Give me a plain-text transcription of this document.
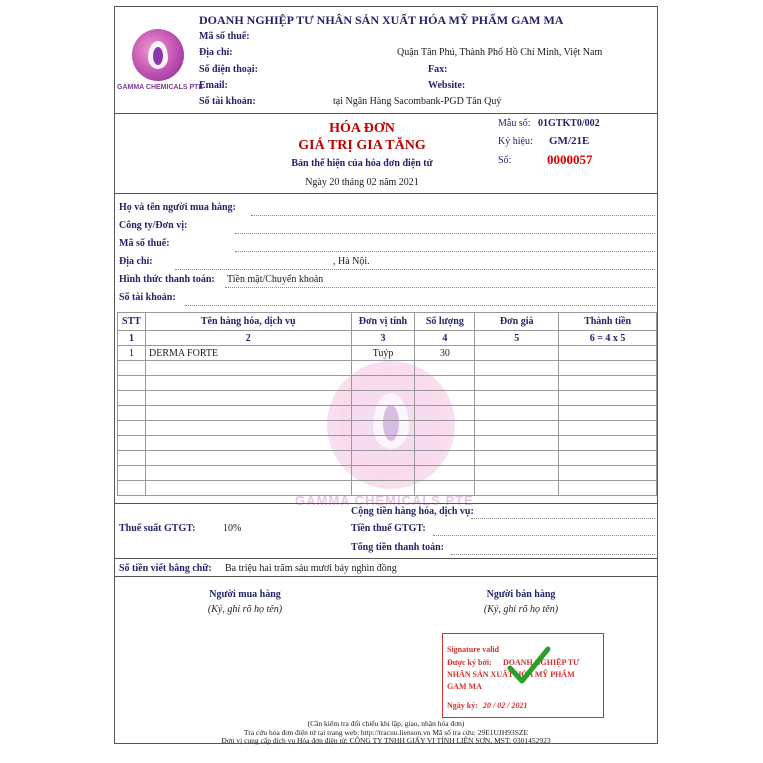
GAMMA CHEMICALS PTE
DOANH NGHIỆP TƯ NHÂN SẢN XUẤT HÓA MỸ PHẨM GAM MA
Mã số thuế:
Địa chỉ:	Quận Tân Phú, Thành Phố Hồ Chí Minh, Việt Nam
Số điện thoại:	Fax:
Email:	Website:
Số tài khoản:	tại Ngân Hàng Sacombank-PGD Tân Quý
HÓA ĐƠN
GIÁ TRỊ GIA TĂNG
Bản thể hiện của hóa đơn điện tử
Ngày 20 tháng 02 năm 2021
Mẫu số: 01GTKT0/002
Ký hiệu: GM/21E
Số:	0000057
Họ và tên người mua hàng:
Công ty/Đơn vị:
Mã số thuế:
Địa chỉ:	, Hà Nội.
Hình thức thanh toán: Tiền mặt/Chuyển khoản
Số tài khoản:
STT	Tên hàng hóa, dịch vụ	Đơn vị tính	Số lượng	Đơn giá	Thành tiền
1	2	3	4	5	6 = 4 x 5
1	DERMA FORTE	Tuýp	30		

GAMMA CHEMICALS PTE
Cộng tiền hàng hóa, dịch vụ:
Thuế suất GTGT:	10%	Tiền thuế GTGT:
Tổng tiền thanh toán:
Số tiền viết bằng chữ: Ba triệu hai trăm sáu mươi bảy nghìn đồng
Người mua hàng
(Ký, ghi rõ họ tên)
Người bán hàng
(Ký, ghi rõ họ tên)
Signature valid
Được ký bởi: DOANH NGHIỆP TƯ
NHÂN SẢN XUẤT HÓA MỸ PHẨM
GAM MA
Ngày ký: 20 / 02 / 2021
(Cần kiểm tra đối chiếu khi lập, giao, nhận hóa đơn)
Tra cứu hóa đơn điện tử tại trang web: http://tracuu.lienson.vn Mã số tra cứu: 29E1UJH93SZE
Đơn vị cung cấp dịch vụ Hóa đơn điện tử: CÔNG TY TNHH GIẤY VI TÍNH LIÊN SƠN, MST: 0301452923
